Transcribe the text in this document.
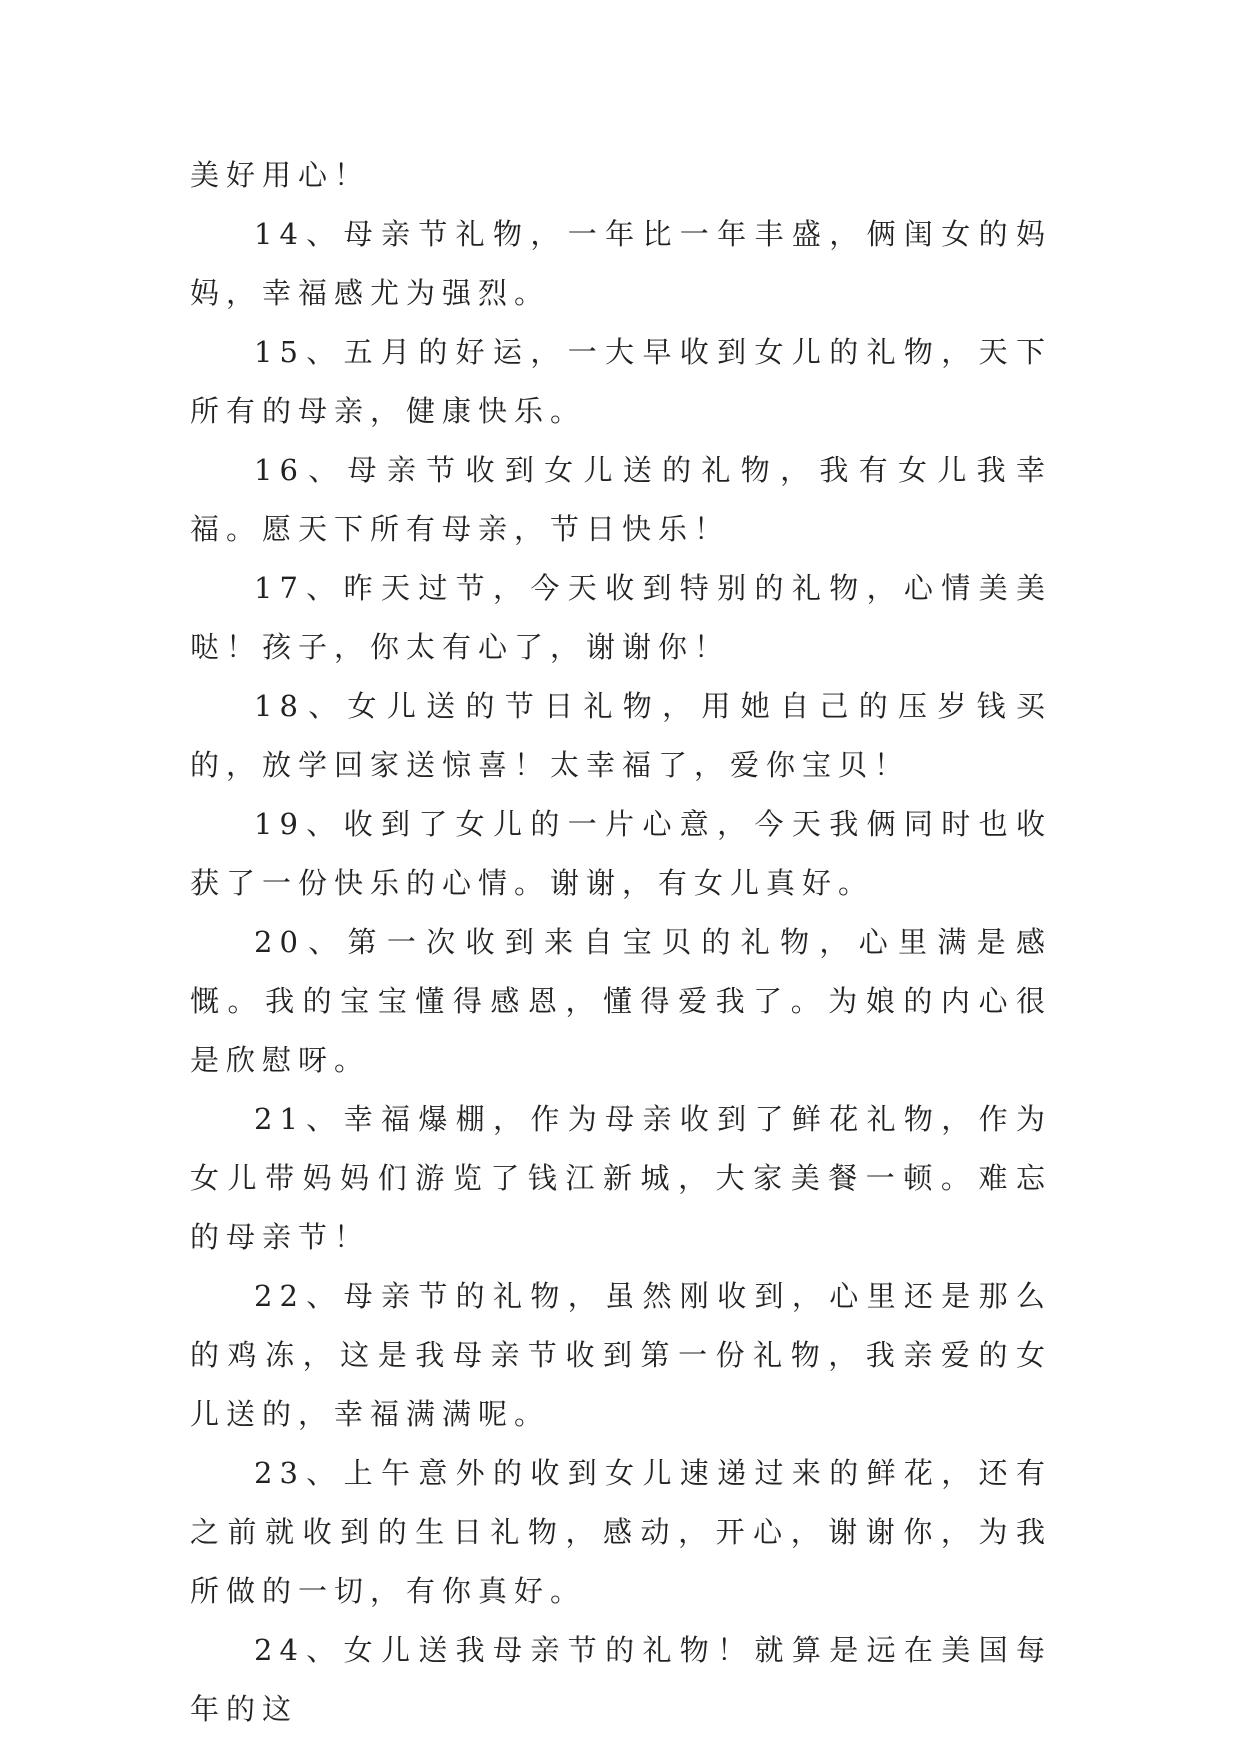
美好用心！

14、母亲节礼物，一年比一年丰盛，俩闺女的妈妈，幸福感尤为强烈。

15、五月的好运，一大早收到女儿的礼物，天下所有的母亲，健康快乐。

16、母亲节收到女儿送的礼物，我有女儿我幸福。愿天下所有母亲，节日快乐！

17、昨天过节，今天收到特别的礼物，心情美美哒！孩子，你太有心了，谢谢你！

18、女儿送的节日礼物，用她自己的压岁钱买的，放学回家送惊喜！太幸福了，爱你宝贝！

19、收到了女儿的一片心意，今天我俩同时也收获了一份快乐的心情。谢谢，有女儿真好。

20、第一次收到来自宝贝的礼物，心里满是感慨。我的宝宝懂得感恩，懂得爱我了。为娘的内心很是欣慰呀。

21、幸福爆棚，作为母亲收到了鲜花礼物，作为女儿带妈妈们游览了钱江新城，大家美餐一顿。难忘的母亲节！

22、母亲节的礼物，虽然刚收到，心里还是那么的鸡冻，这是我母亲节收到第一份礼物，我亲爱的女儿送的，幸福满满呢。

23、上午意外的收到女儿速递过来的鲜花，还有之前就收到的生日礼物，感动，开心，谢谢你，为我所做的一切，有你真好。

24、女儿送我母亲节的礼物！就算是远在美国每年的这
